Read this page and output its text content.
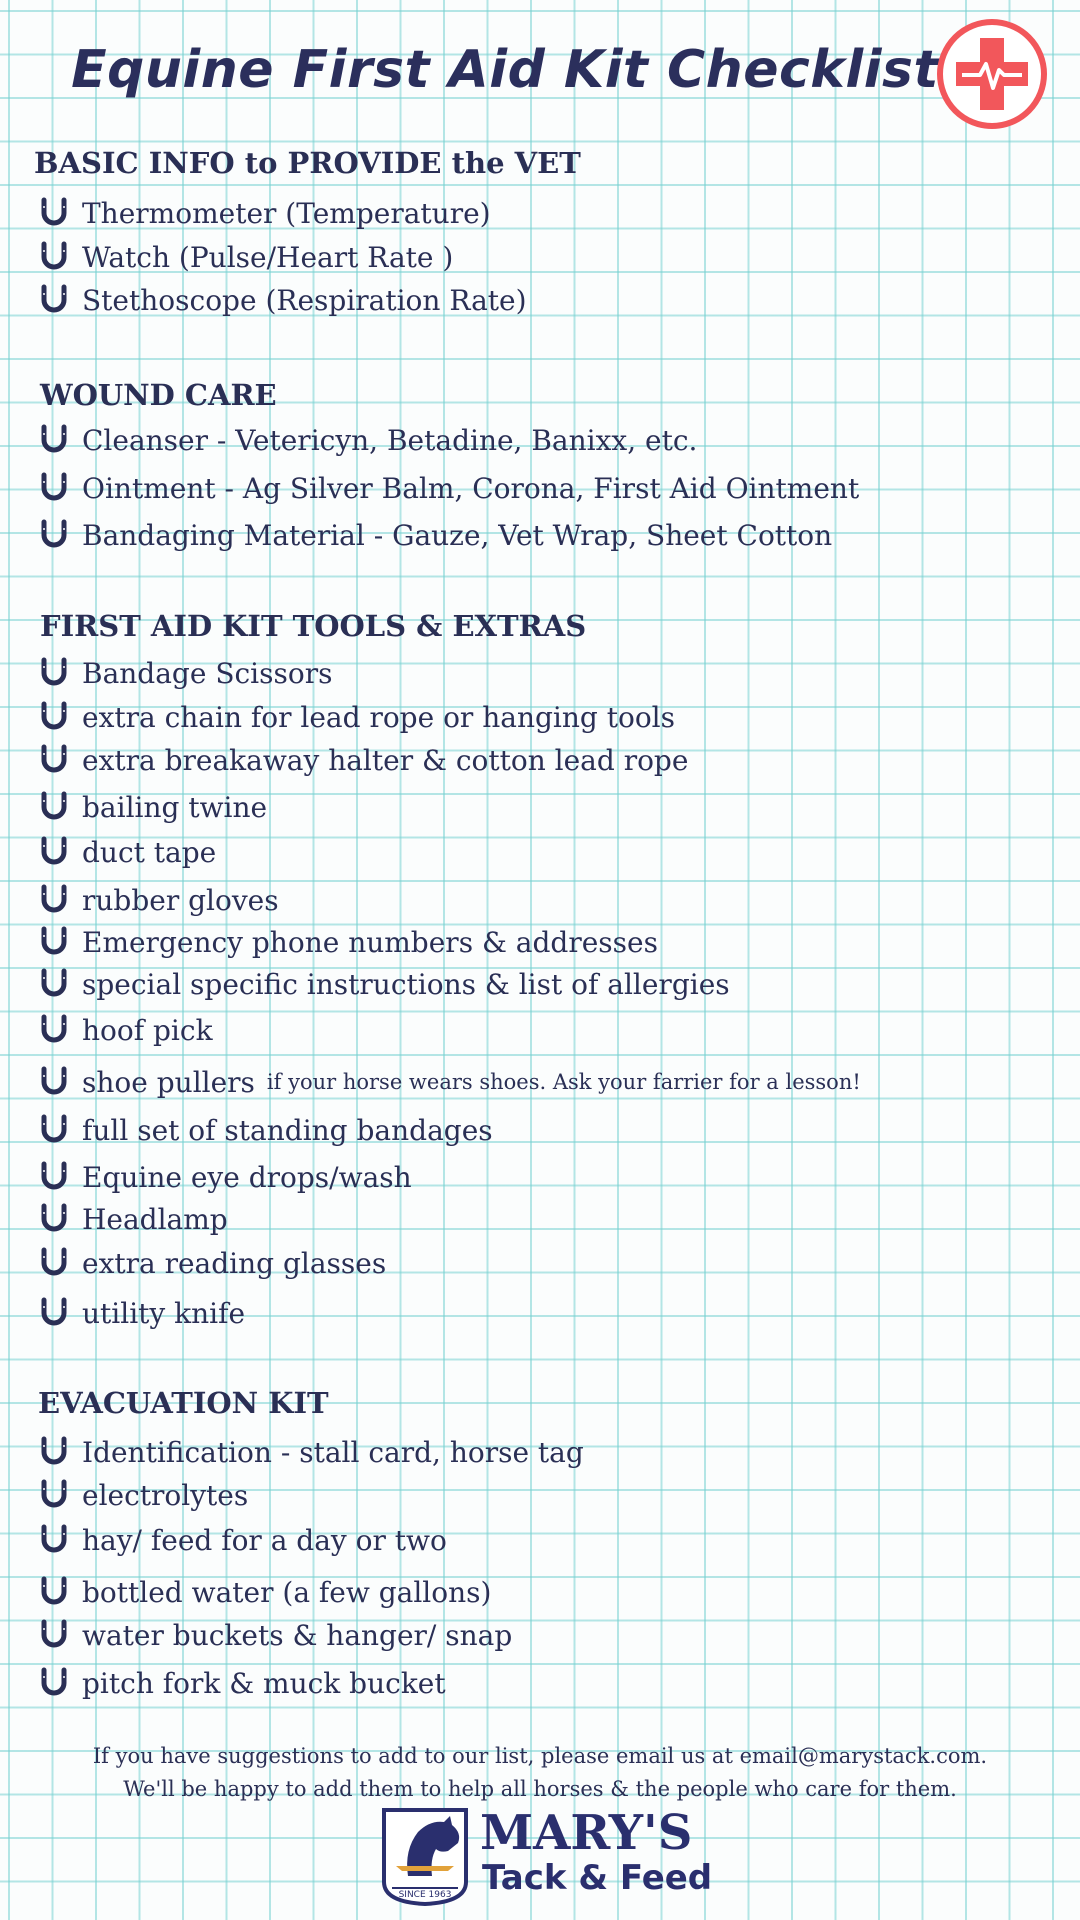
Equine First Aid Kit Checklist
BASIC INFO to PROVIDE the VET
Thermometer (Temperature)
Watch (Pulse/Heart Rate )
Stethoscope (Respiration Rate)
WOUND CARE
Cleanser - Vetericyn, Betadine, Banixx, etc.
Ointment - Ag Silver Balm, Corona, First Aid Ointment
Bandaging Material - Gauze, Vet Wrap, Sheet Cotton
FIRST AID KIT TOOLS & EXTRAS
Bandage Scissors
extra chain for lead rope or hanging tools
extra breakaway halter & cotton lead rope
bailing twine
duct tape
rubber gloves
Emergency phone numbers & addresses
special specific instructions & list of allergies
hoof pick
shoe pullers if your horse wears shoes. Ask your farrier for a lesson!
full set of standing bandages
Equine eye drops/wash
Headlamp
extra reading glasses
utility knife
EVACUATION KIT
Identification - stall card, horse tag
electrolytes
hay/ feed for a day or two
bottled water (a few gallons)
water buckets & hanger/ snap
pitch fork & muck bucket
If you have suggestions to add to our list, please email us at email@marystack.com.
We'll be happy to add them to help all horses & the people who care for them.
SINCE 1963
MARY'S
Tack & Feed
